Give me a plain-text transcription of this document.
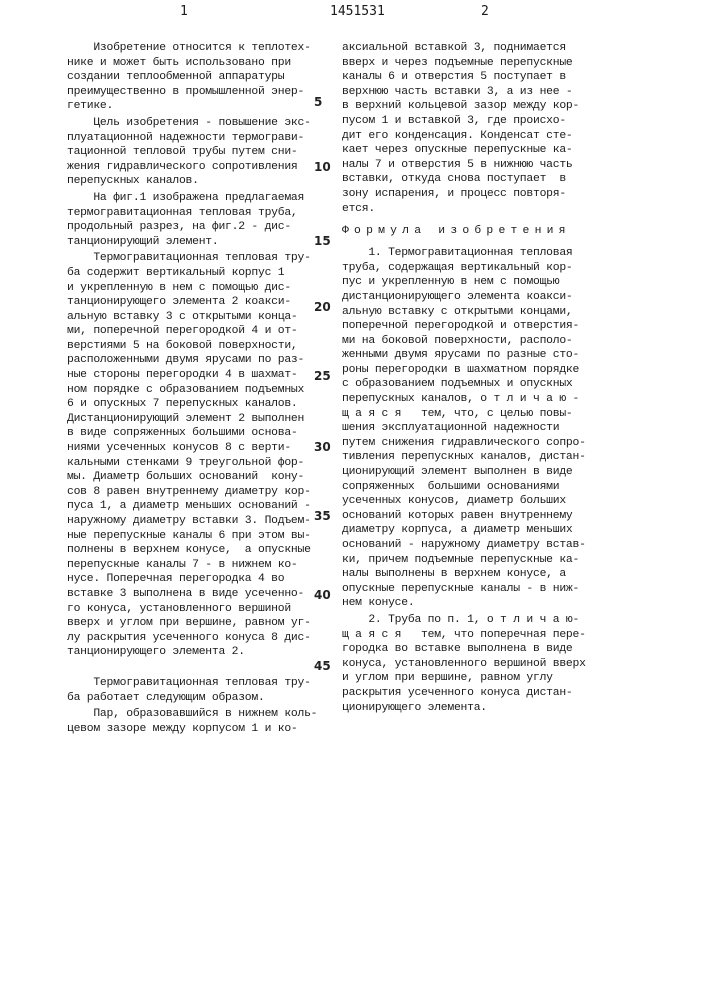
1	1451531	2
5
10
15
20
25
30
35
40
45
Изобретение относится к теплотех-
нике и может быть использовано при
создании теплообменной аппаратуры
преимущественно в промышленной энер-
гетике.
Цель изобретения - повышение экс-
плуатационной надежности термограви-
тационной тепловой трубы путем сни-
жения гидравлического сопротивления
перепускных каналов.
На фиг.1 изображена предлагаемая
термогравитационная тепловая труба,
продольный разрез, на фиг.2 - дис-
танционирующий элемент.
Термогравитационная тепловая тру-
ба содержит вертикальный корпус 1
и укрепленную в нем с помощью дис-
танционирующего элемента 2 коакси-
альную вставку 3 с открытыми конца-
ми, поперечной перегородкой 4 и от-
верстиями 5 на боковой поверхности,
расположенными двумя ярусами по раз-
ные стороны перегородки 4 в шахмат-
ном порядке с образованием подъемных
6 и опускных 7 перепускных каналов.
Дистанционирующий элемент 2 выполнен
в виде сопряженных большими основа-
ниями усеченных конусов 8 с верти-
кальными стенками 9 треугольной фор-
мы. Диаметр больших оснований  кону-
сов 8 равен внутреннему диаметру кор-
пуса 1, а диаметр меньших оснований -
наружному диаметру вставки 3. Подъем-
ные перепускные каналы 6 при этом вы-
полнены в верхнем конусе,  а опускные
перепускные каналы 7 - в нижнем ко-
нусе. Поперечная перегородка 4 во
вставке 3 выполнена в виде усеченно-
го конуса, установленного вершиной
вверх и углом при вершине, равном уг-
лу раскрытия усеченного конуса 8 дис-
танционирующего элемента 2.
Термогравитационная тепловая тру-
ба работает следующим образом.
Пар, образовавшийся в нижнем коль-
цевом зазоре между корпусом 1 и ко-
аксиальной вставкой 3, поднимается
вверх и через подъемные перепускные
каналы 6 и отверстия 5 поступает в
верхнюю часть вставки 3, а из нее -
в верхний кольцевой зазор между кор-
пусом 1 и вставкой 3, где происхо-
дит его конденсация. Конденсат сте-
кает через опускные перепускные ка-
налы 7 и отверстия 5 в нижнюю часть
вставки, откуда снова поступает  в
зону испарения, и процесс повторя-
ется.
Формула изобретения
1. Термогравитационная тепловая
труба, содержащая вертикальный кор-
пус и укрепленную в нем с помощью
дистанционирующего элемента коакси-
альную вставку с открытыми концами,
поперечной перегородкой и отверстия-
ми на боковой поверхности, располо-
женными двумя ярусами по разные сто-
роны перегородки в шахматном порядке
с образованием подъемных и опускных
перепускных каналов, о т л и ч а ю -
щ а я с я   тем, что, с целью повы-
шения эксплуатационной надежности
путем снижения гидравлического сопро-
тивления перепускных каналов, дистан-
ционирующий элемент выполнен в виде
сопряженных  большими основаниями
усеченных конусов, диаметр больших
оснований которых равен внутреннему
диаметру корпуса, а диаметр меньших
оснований - наружному диаметру встав-
ки, причем подъемные перепускные ка-
налы выполнены в верхнем конусе, а
опускные перепускные каналы - в ниж-
нем конусе.
2. Труба по п. 1, о т л и ч а ю-
щ а я с я   тем, что поперечная пере-
городка во вставке выполнена в виде
конуса, установленного вершиной вверх
и углом при вершине, равном углу
раскрытия усеченного конуса дистан-
ционирующего элемента.
